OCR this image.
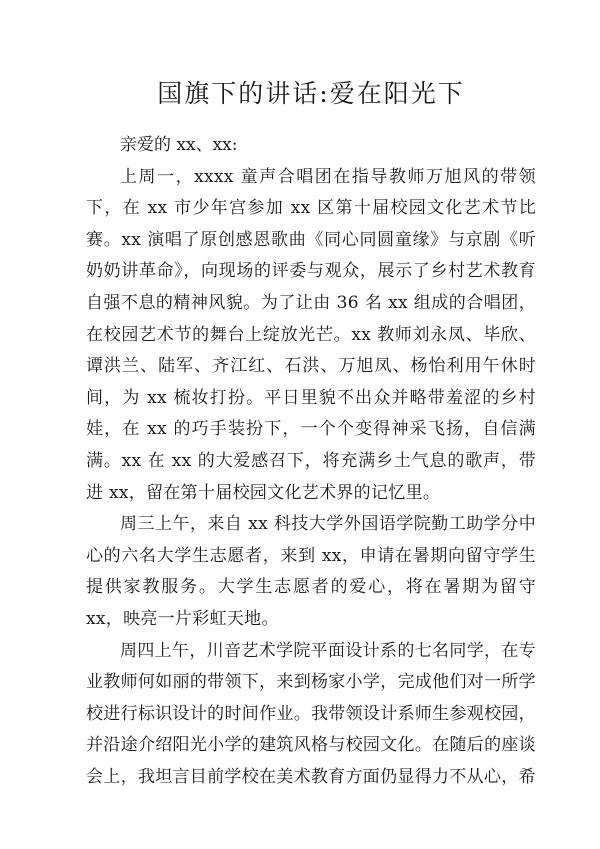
国旗下的讲话:爱在阳光下

亲爱的 xx、xx:

上周一，xxxx 童声合唱团在指导教师万旭风的带领下，在 xx 市少年宫参加 xx 区第十届校园文化艺术节比赛。xx 演唱了原创感恩歌曲《同心同圆童缘》与京剧《听奶奶讲革命》，向现场的评委与观众，展示了乡村艺术教育自强不息的精神风貌。为了让由 36 名 xx 组成的合唱团，在校园艺术节的舞台上绽放光芒。xx 教师刘永凤、毕欣、谭洪兰、陆军、齐江红、石洪、万旭凤、杨怡利用午休时间，为 xx 梳妆打扮。平日里貌不出众并略带羞涩的乡村娃，在 xx 的巧手装扮下，一个个变得神采飞扬，自信满满。xx 在 xx 的大爱感召下，将充满乡土气息的歌声，带进 xx，留在第十届校园文化艺术界的记忆里。

周三上午，来自 xx 科技大学外国语学院勤工助学分中心的六名大学生志愿者，来到 xx，申请在暑期向留守学生提供家教服务。大学生志愿者的爱心，将在暑期为留守 xx，映亮一片彩虹天地。

周四上午，川音艺术学院平面设计系的七名同学，在专业教师何如丽的带领下，来到杨家小学，完成他们对一所学校进行标识设计的时间作业。我带领设计系师生参观校园，并沿途介绍阳光小学的建筑风格与校园文化。在随后的座谈会上，我坦言目前学校在美术教育方面仍显得力不从心，希
